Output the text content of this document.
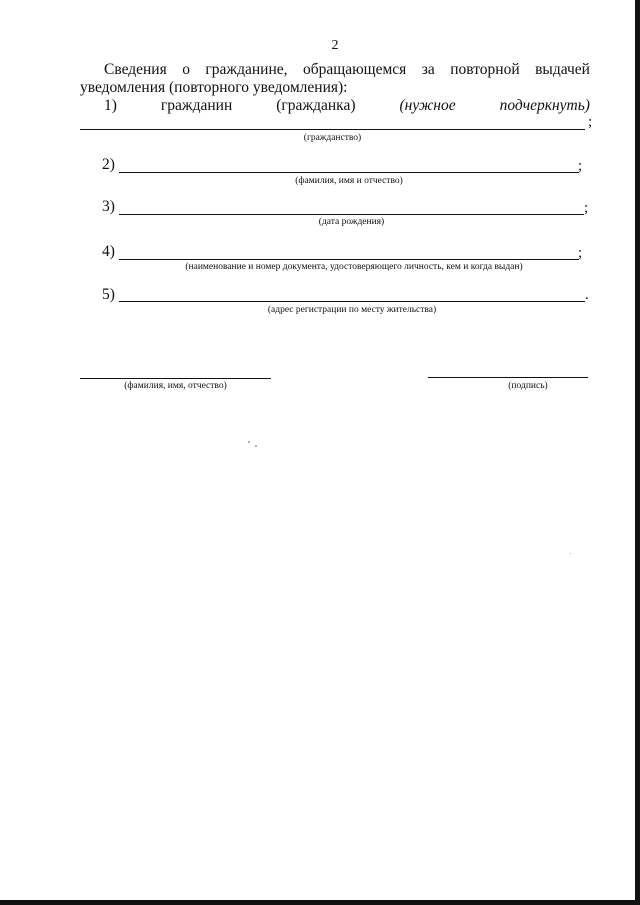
2
Сведения о гражданине, обращающемся за повторной выдачей
уведомления (повторного уведомления):
1)	гражданин	(гражданка)	(нужное	подчеркнуть)
;
(гражданство)
2)	;
(фамилия, имя и отчество)
3)	;
(дата рождения)
4)	;
(наименование и номер документа, удостоверяющего личность, кем и когда выдан)
5)	.
(адрес регистрации по месту жительства)
(фамилия, имя, отчество)	(подпись)
